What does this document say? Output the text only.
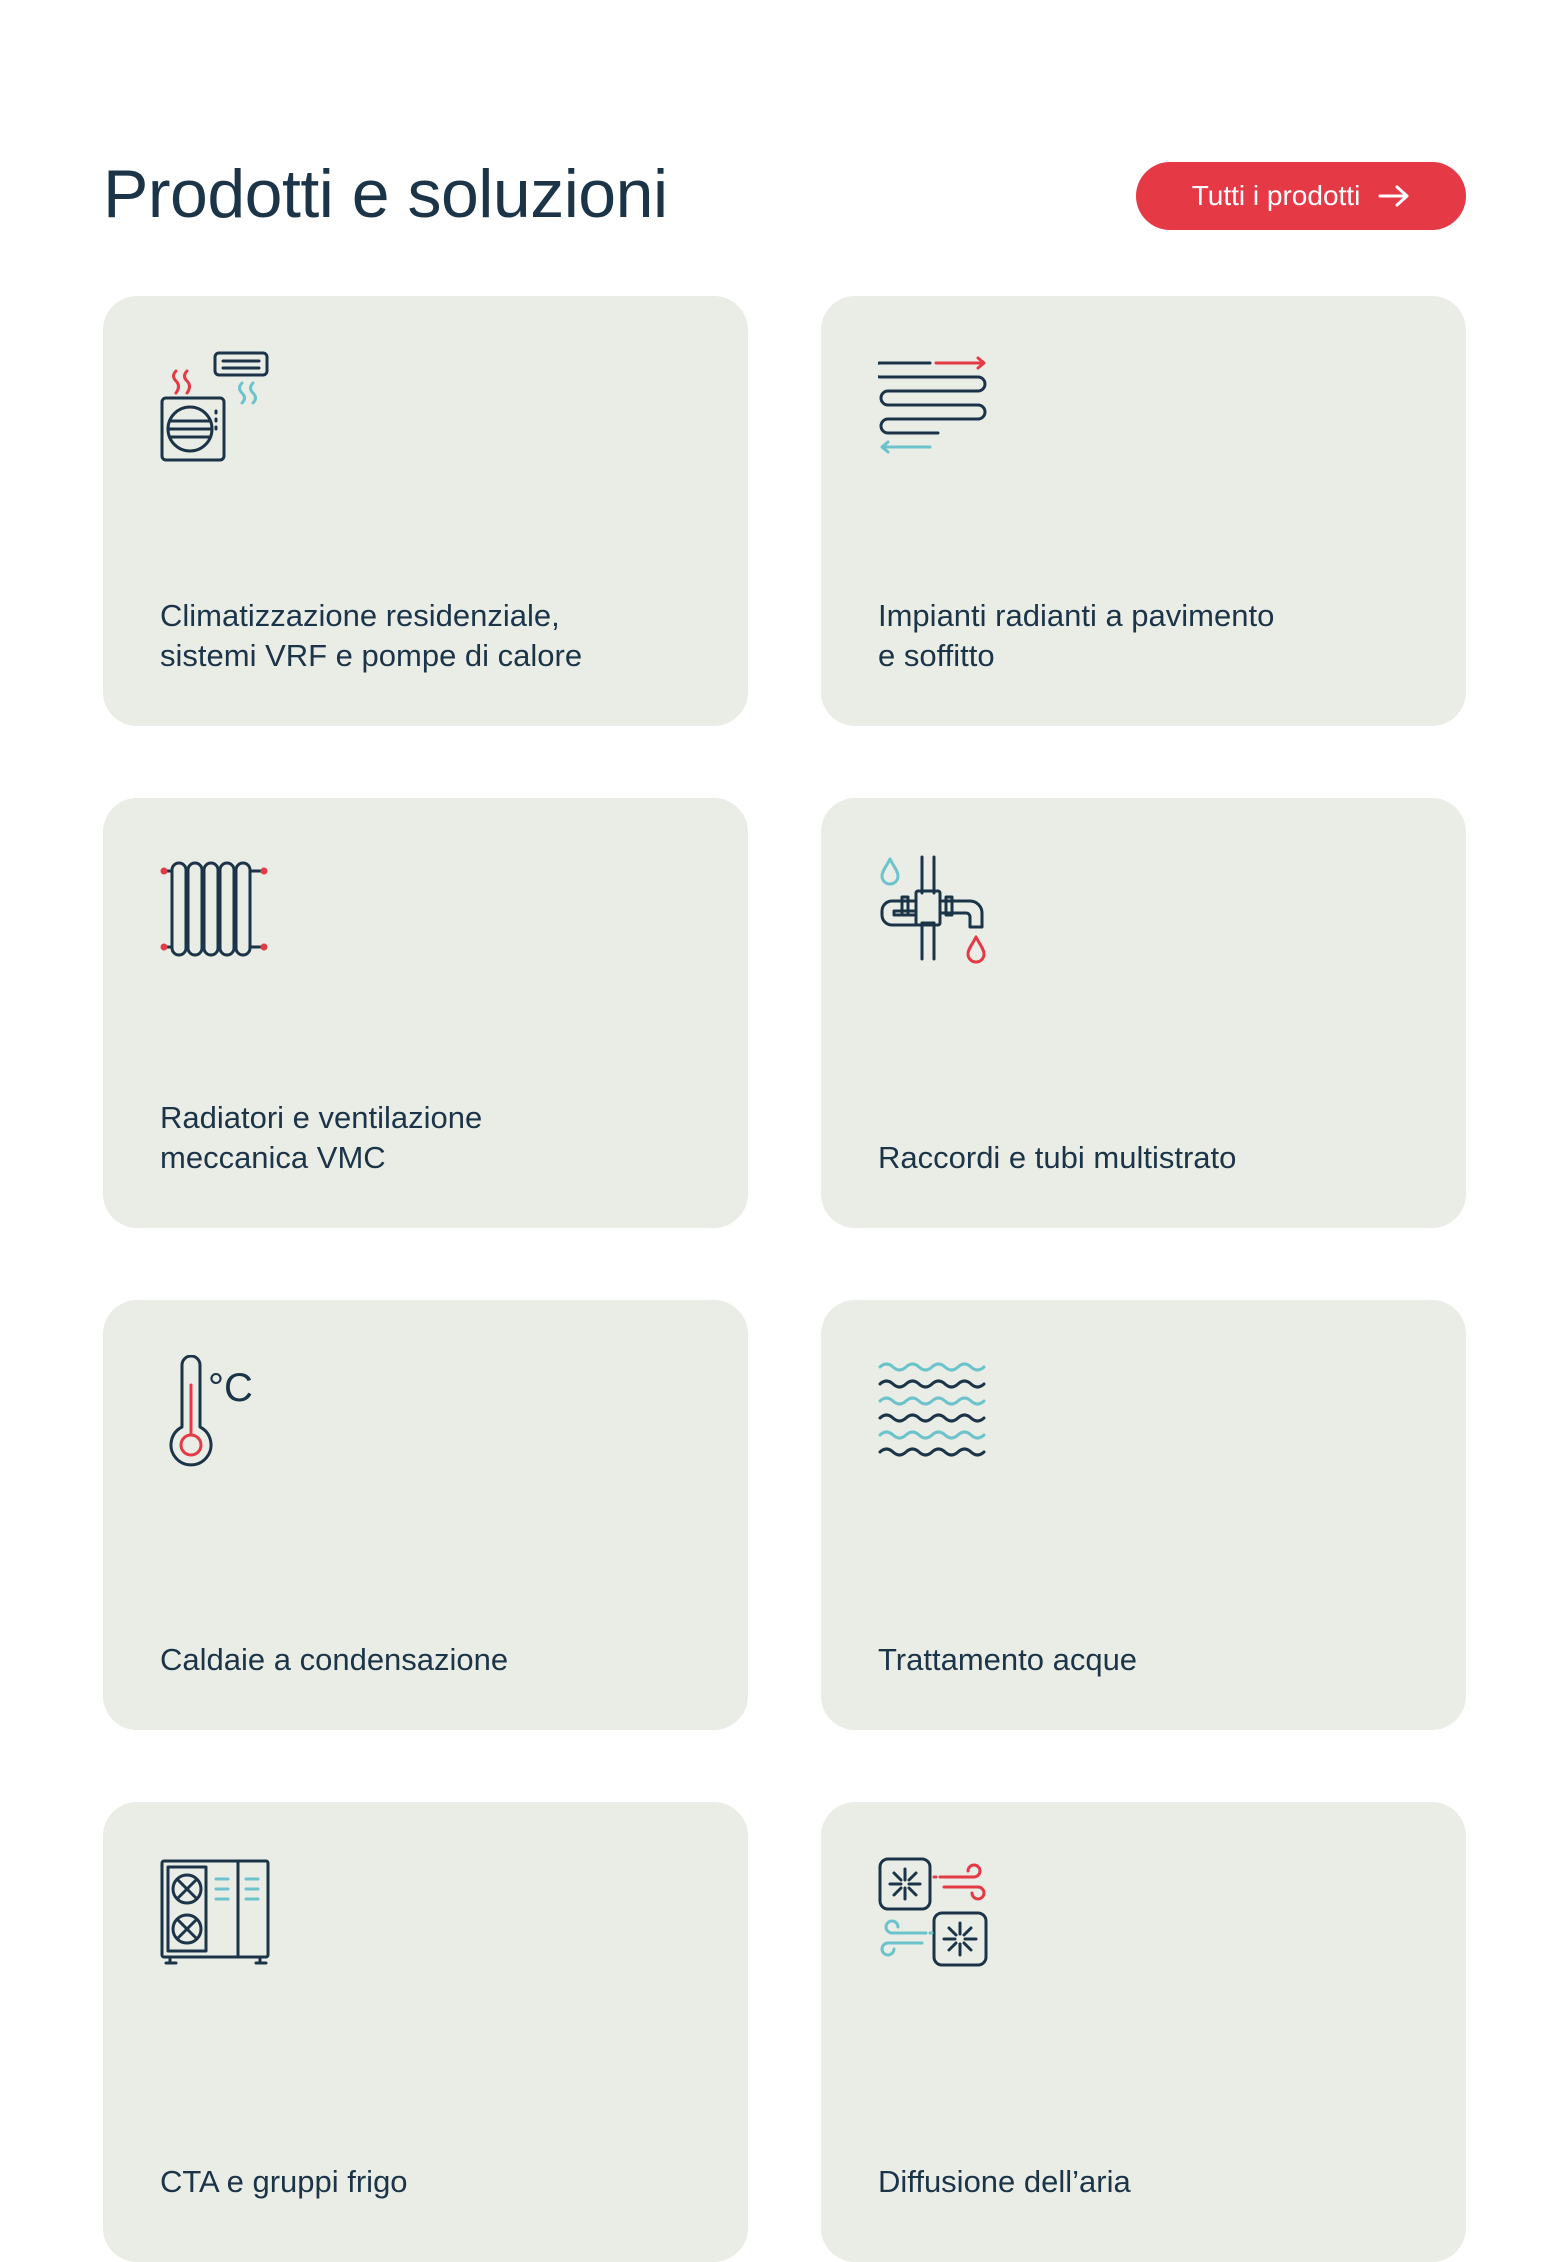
Prodotti e soluzioni	Tutti i prodotti
Climatizzazione residenziale,
sistemi VRF e pompe di calore
Impianti radianti a pavimento
e soffitto
Radiatori e ventilazione
meccanica VMC	Raccordi e tubi multistrato
°C
Caldaie a condensazione	Trattamento acque
CTA e gruppi frigo	Diffusione dell’aria
